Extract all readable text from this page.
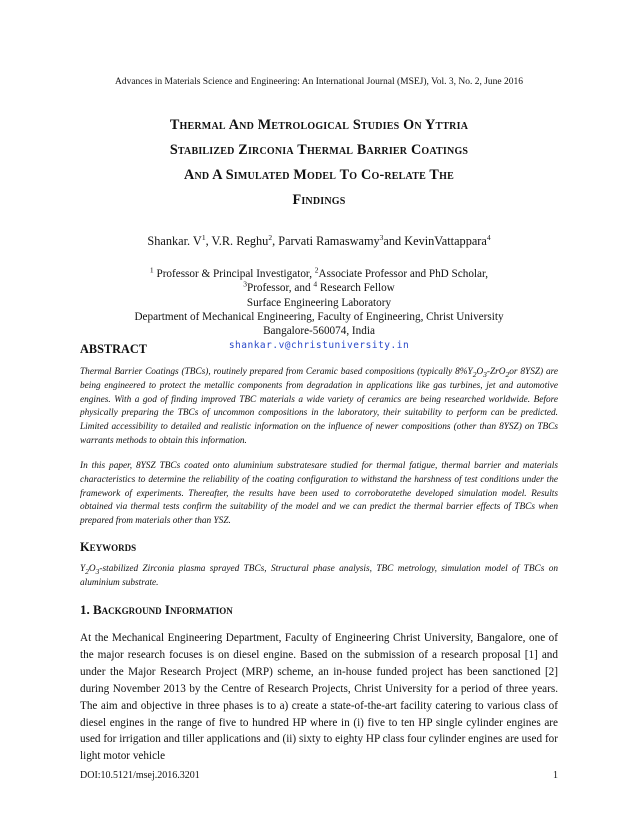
Advances in Materials Science and Engineering: An International Journal (MSEJ), Vol. 3, No. 2, June 2016
Thermal And Metrological Studies On Yttria
Stabilized Zirconia Thermal Barrier Coatings
And A Simulated Model To Co-relate The
Findings
Shankar. $V^1$, V.R. Reghu$^2$, Parvati Ramaswamy$^3$and KevinVattappara$^4$
$^1$ Professor & Principal Investigator, $^2$Associate Professor and PhD Scholar,
$^3$Professor, and $^4$ Research Fellow
Surface Engineering Laboratory
Department of Mechanical Engineering, Faculty of Engineering, Christ University
Bangalore-560074, India
shankar.v@christuniversity.in
ABSTRACT

Thermal Barrier Coatings (TBCs), routinely prepared from Ceramic based compositions (typically $8\%Y_2O_3-ZrO_2or$ 8YSZ) are being engineered to protect the metallic components from degradation in applications like gas turbines, jet and automotive engines. With a god of finding improved TBC materials a wide variety of ceramics are being researched worldwide. Before physically preparing the TBCs of uncommon compositions in the laboratory, their suitability to perform can be predicted. Limited accessibility to detailed and realistic information on the influence of newer compositions (other than 8YSZ) on TBCs warrants methods to obtain this information.

In this paper, 8YSZ TBCs coated onto aluminium substratesare studied for thermal fatigue, thermal barrier and materials characteristics to determine the reliability of the coating configuration to withstand the harshness of test conditions under the framework of experiments. Thereafter, the results have been used to corroboratethe developed simulation model. Results obtained via thermal tests confirm the suitability of the model and we can predict the thermal barrier effects of TBCs when prepared from materials other than YSZ.

Keywords

$Y_2O_3$-stabilized Zirconia plasma sprayed TBCs, Structural phase analysis, TBC metrology, simulation model of TBCs on aluminium substrate.

1. Background Information

At the Mechanical Engineering Department, Faculty of Engineering Christ University, Bangalore, one of the major research focuses is on diesel engine. Based on the submission of a research proposal [1] and under the Major Research Project (MRP) scheme, an in-house funded project has been sanctioned [2] during November 2013 by the Centre of Research Projects, Christ University for a period of three years. The aim and objective in three phases is to a) create a state-of-the-art facility catering to various class of diesel engines in the range of five to hundred HP where in (i) five to ten HP single cylinder engines are used for irrigation and tiller applications and (ii) sixty to eighty HP class four cylinder engines are used for light motor vehicle

DOI:10.5121/msej.2016.3201	1
